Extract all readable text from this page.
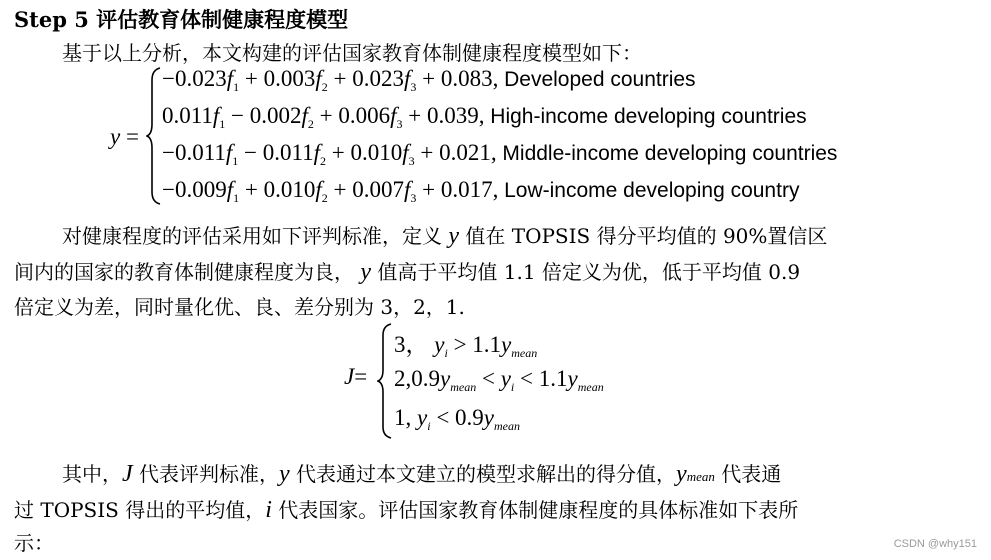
Step 5 评估教育体制健康程度模型
基于以上分析，本文构建的评估国家教育体制健康程度模型如下：
y =
$-0.023f_1 + 0.003f_2 + 0.023f_3 + 0.083$, Developed countries
$0.011f_1 - 0.002f_2 + 0.006f_3 + 0.039$, High-income developing countries
$-0.011f_1 - 0.011f_2 + 0.010f_3 + 0.021$, Middle-income developing countries
$-0.009f_1 + 0.010f_2 + 0.007f_3 + 0.017$, Low-income developing country
对健康程度的评估采用如下评判标准，定义 y 值在 TOPSIS 得分平均值的 90%置信区
间内的国家的教育体制健康程度为良， y 值高于平均值 1.1 倍定义为优，低于平均值 0.9
倍定义为差，同时量化优、良、差分别为 3，2，1.
J=
3， $y_i > 1.1y_{mean}$
$2,0.9y_{mean} < y_i < 1.1y_{mean}$
1, $y_i < 0.9y_{mean}$
其中，J 代表评判标准，y 代表通过本文建立的模型求解出的得分值，ymean 代表通
过 TOPSIS 得出的平均值，i 代表国家。评估国家教育体制健康程度的具体标准如下表所
示：	CSDN @why151
